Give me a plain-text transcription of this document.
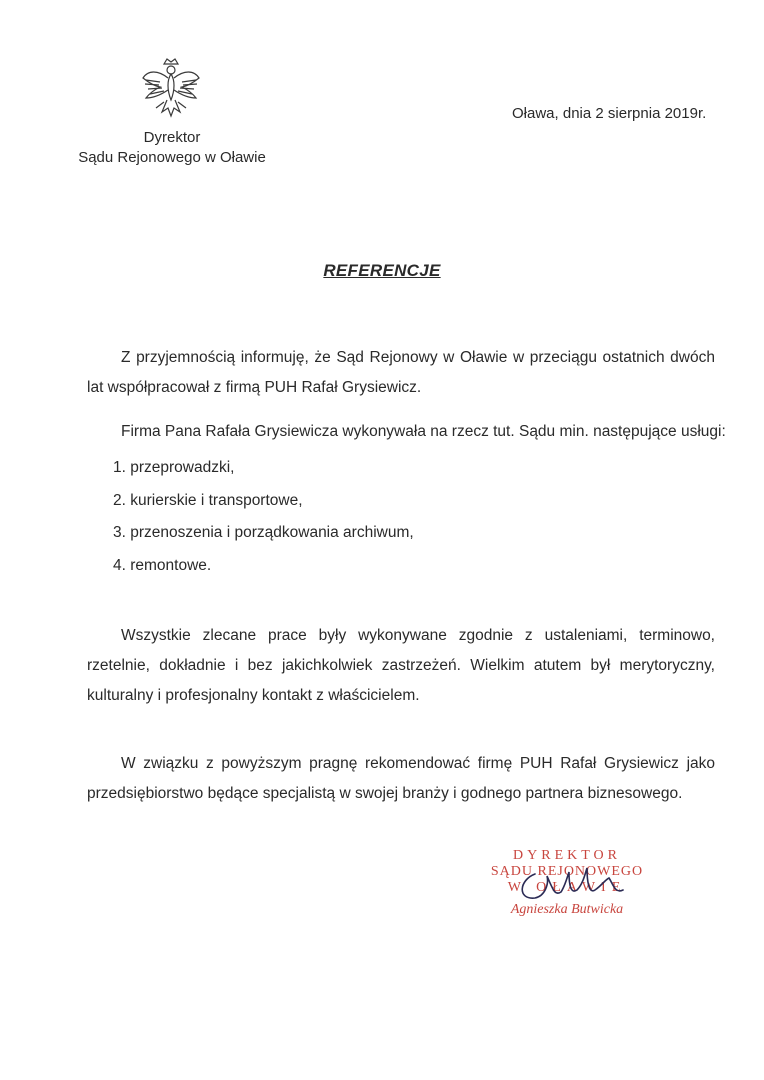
Dyrektor
Sądu Rejonowego w Oławie
Oława, dnia 2 sierpnia 2019r.
REFERENCJE

Z przyjemnością informuję, że Sąd Rejonowy w Oławie w przeciągu ostatnich dwóch lat współpracował z firmą PUH Rafał Grysiewicz.

Firma Pana Rafała Grysiewicza wykonywała na rzecz tut. Sądu min. następujące usługi:
1. przeprowadzki,
2. kurierskie i transportowe,
3. przenoszenia i porządkowania archiwum,
4. remontowe.

Wszystkie zlecane prace były wykonywane zgodnie z ustaleniami, terminowo, rzetelnie, dokładnie i bez jakichkolwiek zastrzeżeń. Wielkim atutem był merytoryczny, kulturalny i profesjonalny kontakt z właścicielem.

W związku z powyższym pragnę rekomendować firmę PUH Rafał Grysiewicz jako przedsiębiorstwo będące specjalistą w swojej branży i godnego partnera biznesowego.

DYREKTOR
SĄDU REJONOWEGO
W OŁAWIE
Agnieszka Butwicka
